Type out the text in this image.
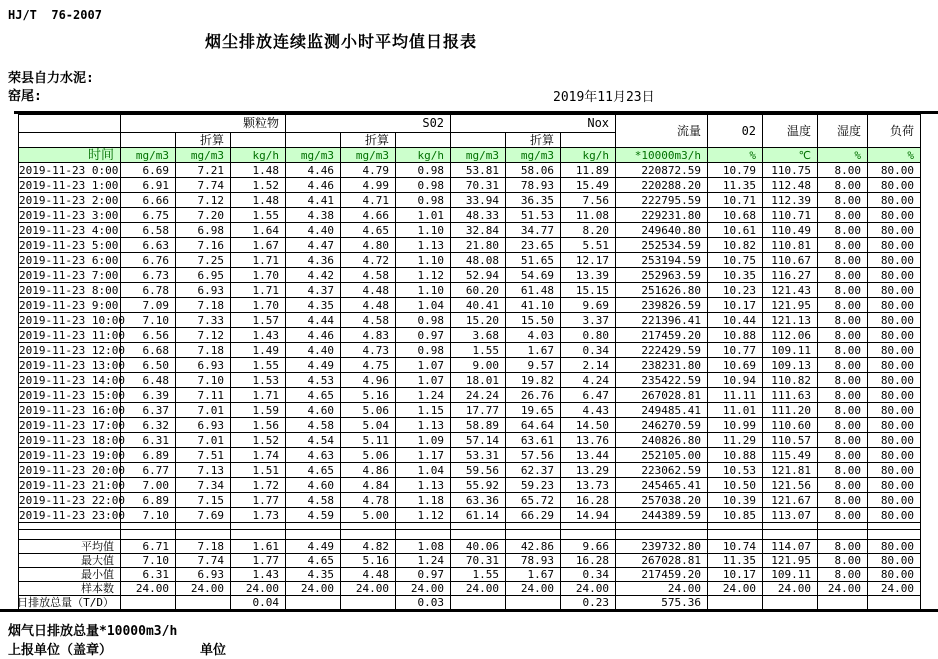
HJ/T  76-2007
烟尘排放连续监测小时平均值日报表
荣县自力水泥:
窑尾:	2019年11月23日
	颗粒物			S02			Nox			流量	02	温度	湿度	负荷
		折算			折算			折算						
时间	mg/m3	mg/m3	kg/h	mg/m3	mg/m3	kg/h	mg/m3	mg/m3	kg/h	*10000m3/h	%	℃	%	%
2019-11-23 0:00	6.69	7.21	1.48	4.46	4.79	0.98	53.81	58.06	11.89	220872.59	10.79	110.75	8.00	80.00
2019-11-23 1:00	6.91	7.74	1.52	4.46	4.99	0.98	70.31	78.93	15.49	220288.20	11.35	112.48	8.00	80.00
2019-11-23 2:00	6.66	7.12	1.48	4.41	4.71	0.98	33.94	36.35	7.56	222795.59	10.71	112.39	8.00	80.00
2019-11-23 3:00	6.75	7.20	1.55	4.38	4.66	1.01	48.33	51.53	11.08	229231.80	10.68	110.71	8.00	80.00
2019-11-23 4:00	6.58	6.98	1.64	4.40	4.65	1.10	32.84	34.77	8.20	249640.80	10.61	110.49	8.00	80.00
2019-11-23 5:00	6.63	7.16	1.67	4.47	4.80	1.13	21.80	23.65	5.51	252534.59	10.82	110.81	8.00	80.00
2019-11-23 6:00	6.76	7.25	1.71	4.36	4.72	1.10	48.08	51.65	12.17	253194.59	10.75	110.67	8.00	80.00
2019-11-23 7:00	6.73	6.95	1.70	4.42	4.58	1.12	52.94	54.69	13.39	252963.59	10.35	116.27	8.00	80.00
2019-11-23 8:00	6.78	6.93	1.71	4.37	4.48	1.10	60.20	61.48	15.15	251626.80	10.23	121.43	8.00	80.00
2019-11-23 9:00	7.09	7.18	1.70	4.35	4.48	1.04	40.41	41.10	9.69	239826.59	10.17	121.95	8.00	80.00
2019-11-23 10:00	7.10	7.33	1.57	4.44	4.58	0.98	15.20	15.50	3.37	221396.41	10.44	121.13	8.00	80.00
2019-11-23 11:00	6.56	7.12	1.43	4.46	4.83	0.97	3.68	4.03	0.80	217459.20	10.88	112.06	8.00	80.00
2019-11-23 12:00	6.68	7.18	1.49	4.40	4.73	0.98	1.55	1.67	0.34	222429.59	10.77	109.11	8.00	80.00
2019-11-23 13:00	6.50	6.93	1.55	4.49	4.75	1.07	9.00	9.57	2.14	238231.80	10.69	109.13	8.00	80.00
2019-11-23 14:00	6.48	7.10	1.53	4.53	4.96	1.07	18.01	19.82	4.24	235422.59	10.94	110.82	8.00	80.00
2019-11-23 15:00	6.39	7.11	1.71	4.65	5.16	1.24	24.24	26.76	6.47	267028.81	11.11	111.63	8.00	80.00
2019-11-23 16:00	6.37	7.01	1.59	4.60	5.06	1.15	17.77	19.65	4.43	249485.41	11.01	111.20	8.00	80.00
2019-11-23 17:00	6.32	6.93	1.56	4.58	5.04	1.13	58.89	64.64	14.50	246270.59	10.99	110.60	8.00	80.00
2019-11-23 18:00	6.31	7.01	1.52	4.54	5.11	1.09	57.14	63.61	13.76	240826.80	11.29	110.57	8.00	80.00
2019-11-23 19:00	6.89	7.51	1.74	4.63	5.06	1.17	53.31	57.56	13.44	252105.00	10.88	115.49	8.00	80.00
2019-11-23 20:00	6.77	7.13	1.51	4.65	4.86	1.04	59.56	62.37	13.29	223062.59	10.53	121.81	8.00	80.00
2019-11-23 21:00	7.00	7.34	1.72	4.60	4.84	1.13	55.92	59.23	13.73	245465.41	10.50	121.56	8.00	80.00
2019-11-23 22:00	6.89	7.15	1.77	4.58	4.78	1.18	63.36	65.72	16.28	257038.20	10.39	121.67	8.00	80.00
2019-11-23 23:00	7.10	7.69	1.73	4.59	5.00	1.12	61.14	66.29	14.94	244389.59	10.85	113.07	8.00	80.00

平均值	6.71	7.18	1.61	4.49	4.82	1.08	40.06	42.86	9.66	239732.80	10.74	114.07	8.00	80.00
最大值	7.10	7.74	1.77	4.65	5.16	1.24	70.31	78.93	16.28	267028.81	11.35	121.95	8.00	80.00
最小值	6.31	6.93	1.43	4.35	4.48	0.97	1.55	1.67	0.34	217459.20	10.17	109.11	8.00	80.00
样本数	24.00	24.00	24.00	24.00	24.00	24.00	24.00	24.00	24.00	24.00	24.00	24.00	24.00	24.00
日排放总量（T/D）			0.04			0.03			0.23	575.36				
烟气日排放总量*10000m3/h
上报单位（盖章）	单位
